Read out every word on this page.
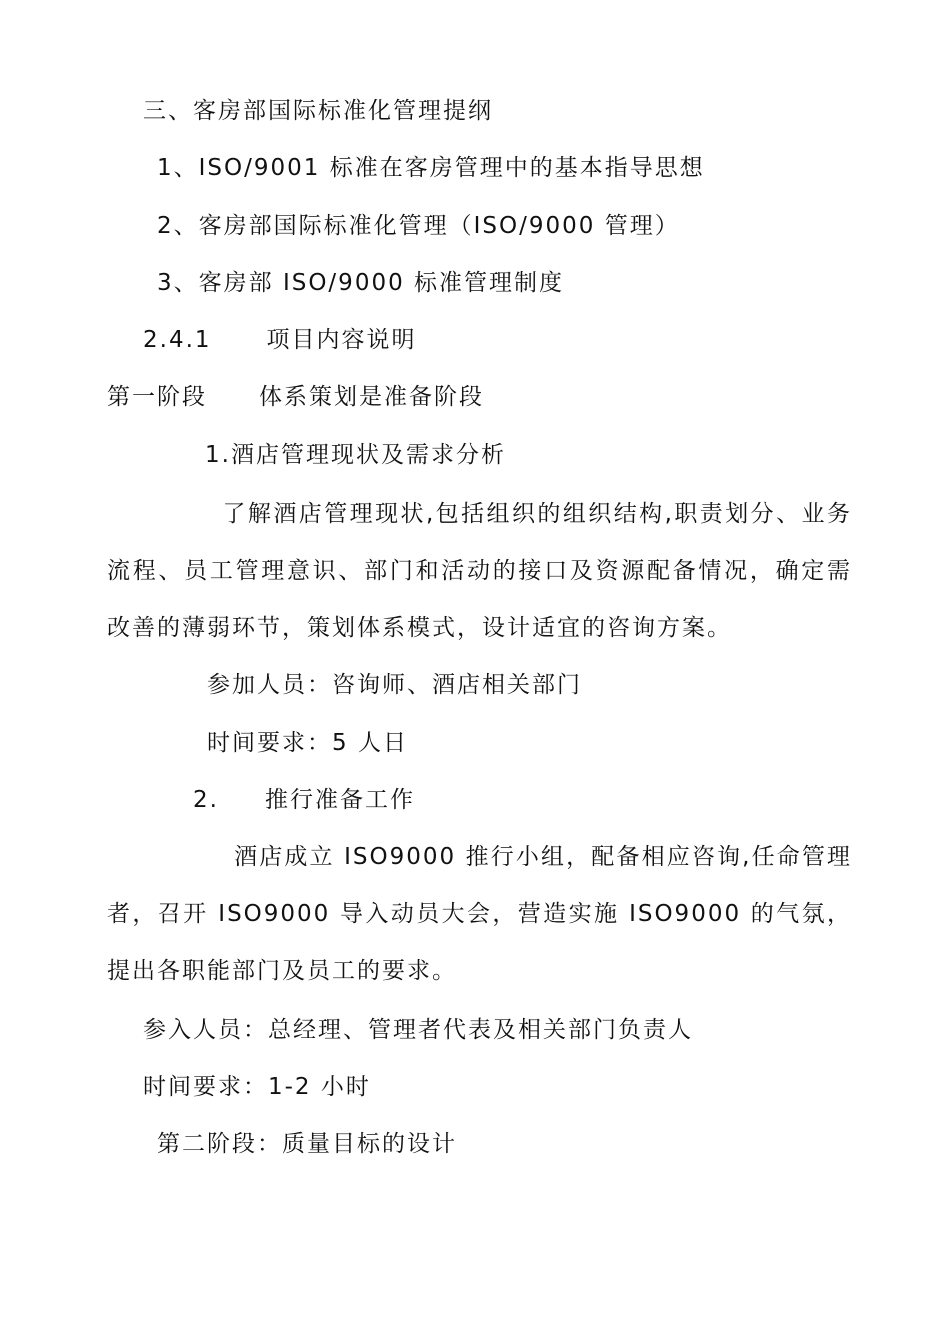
三、客房部国际标准化管理提纲
1、ISO/9001 标准在客房管理中的基本指导思想
2、客房部国际标准化管理（ISO/9000 管理）
3、客房部 ISO/9000 标准管理制度
2.4.1 项目内容说明
第一阶段 体系策划是准备阶段
1.酒店管理现状及需求分析
了解酒店管理现状,包括组织的组织结构,职责划分、业务流程、员工管理意识、部门和活动的接口及资源配备情况，确定需改善的薄弱环节，策划体系模式，设计适宜的咨询方案。
参加人员：咨询师、酒店相关部门
时间要求：5 人日
2. 推行准备工作
酒店成立 ISO9000 推行小组，配备相应咨询,任命管理者，召开 ISO9000 导入动员大会，营造实施 ISO9000 的气氛，提出各职能部门及员工的要求。
参入人员：总经理、管理者代表及相关部门负责人
时间要求：1-2 小时
第二阶段：质量目标的设计
